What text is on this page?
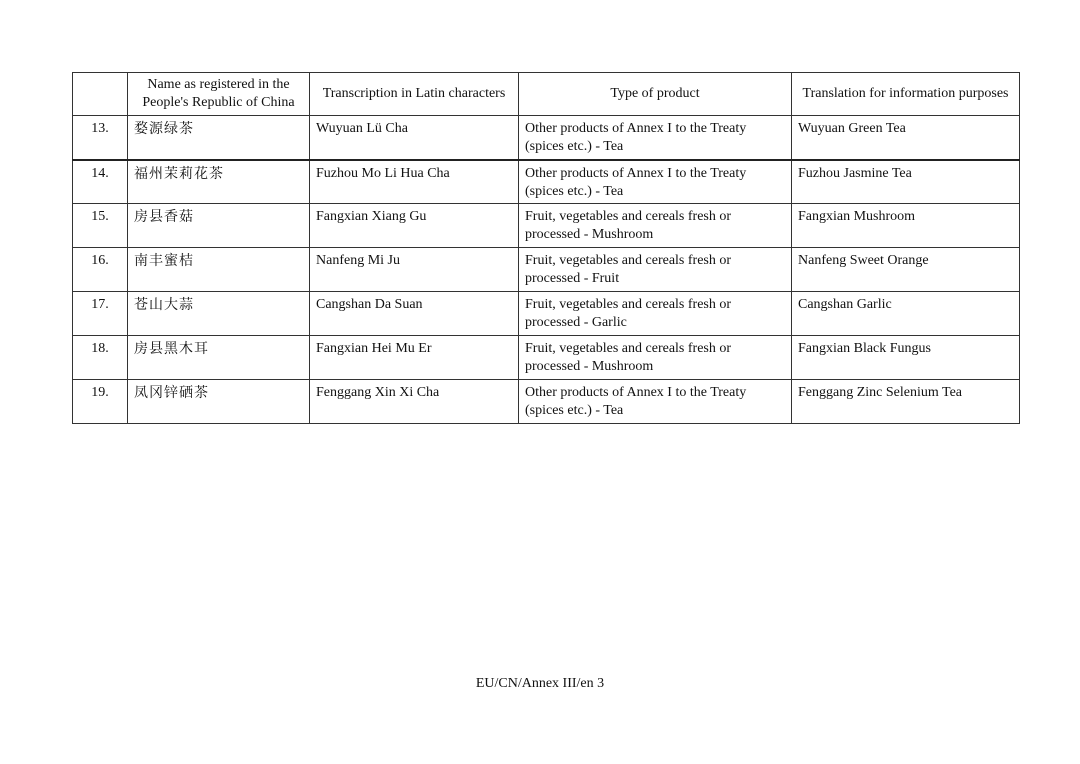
	Name as registered in the People's Republic of China	Transcription in Latin characters	Type of product	Translation for information purposes
13.	婺源绿茶	Wuyuan Lü Cha	Other products of Annex I to the Treaty (spices etc.) - Tea	Wuyuan Green Tea
14.	福州茉莉花茶	Fuzhou Mo Li Hua Cha	Other products of Annex I to the Treaty (spices etc.) - Tea	Fuzhou Jasmine Tea
15.	房县香菇	Fangxian Xiang Gu	Fruit, vegetables and cereals fresh or processed - Mushroom	Fangxian Mushroom
16.	南丰蜜桔	Nanfeng Mi Ju	Fruit, vegetables and cereals fresh or processed - Fruit	Nanfeng Sweet Orange
17.	苍山大蒜	Cangshan Da Suan	Fruit, vegetables and cereals fresh or processed - Garlic	Cangshan Garlic
18.	房县黑木耳	Fangxian Hei Mu Er	Fruit, vegetables and cereals fresh or processed - Mushroom	Fangxian Black Fungus
19.	凤冈锌硒茶	Fenggang Xin Xi Cha	Other products of Annex I to the Treaty (spices etc.) - Tea	Fenggang Zinc Selenium Tea
EU/CN/Annex III/en 3
